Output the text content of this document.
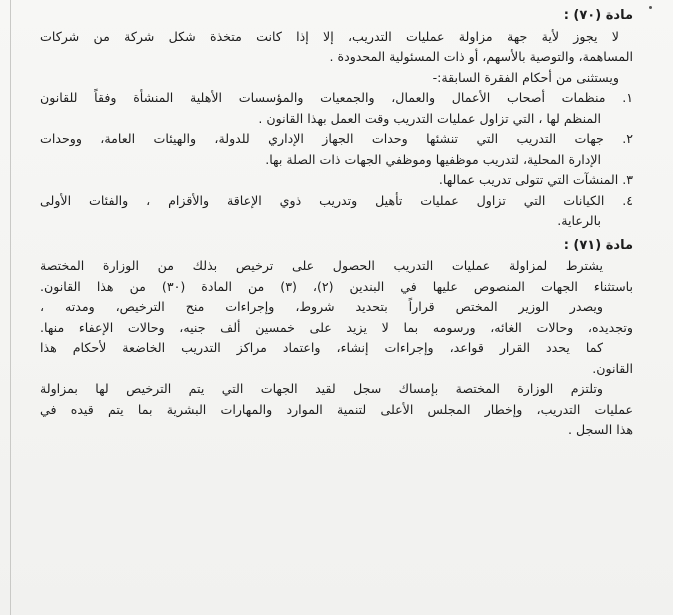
مادة (٧٠) :
لا يجوز لأية جهة مزاولة عمليات التدريب، إلا إذا كانت متخذة شكل شركة من شركات
المساهمة، والتوصية بالأسهم، أو ذات المسئولية المحدودة .
ويستثنى من أحكام الفقرة السابقة:-
١. منظمات أصحاب الأعمال والعمال، والجمعيات والمؤسسات الأهلية المنشأة وفقاً للقانون
المنظم لها ، التي تزاول عمليات التدريب وقت العمل بهذا القانون .
٢. جهات التدريب التي تنشئها وحدات الجهاز الإداري للدولة، والهيئات العامة، ووحدات
الإدارة المحلية، لتدريب موظفيها وموظفي الجهات ذات الصلة بها.
٣. المنشآت التي تتولى تدريب عمالها.
٤. الكيانات التي تزاول عمليات تأهيل وتدريب ذوي الإعاقة والأقزام ، والفئات الأولى
بالرعاية.
مادة (٧١) :
يشترط لمزاولة عمليات التدريب الحصول على ترخيص بذلك من الوزارة المختصة
باستثناء الجهات المنصوص عليها في البندين (٢)، (٣) من المادة (٣٠) من هذا القانون.
ويصدر الوزير المختص قراراً بتحديد شروط، وإجراءات منح الترخيص، ومدته ،
وتجديده، وحالات الغائه، ورسومه بما لا يزيد على خمسين ألف جنيه، وحالات الإعفاء منها.
كما يحدد القرار قواعد، وإجراءات إنشاء، واعتماد مراكز التدريب الخاضعة لأحكام هذا
القانون.
وتلتزم الوزارة المختصة بإمساك سجل لقيد الجهات التي يتم الترخيص لها بمزاولة
عمليات التدريب، وإخطار المجلس الأعلى لتنمية الموارد والمهارات البشرية بما يتم قيده في
هذا السجل .
